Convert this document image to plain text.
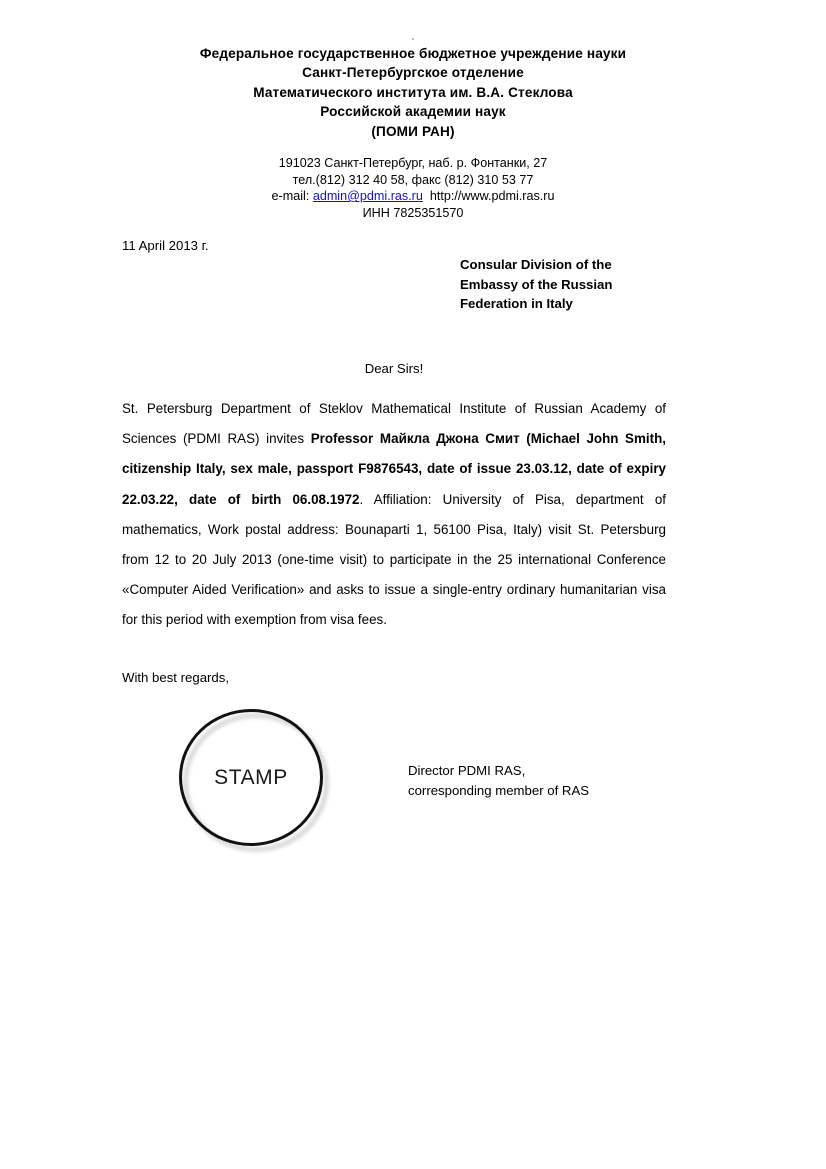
Федеральное государственное бюджетное учреждение науки
Санкт-Петербургское отделение
Математического института им. В.А. Стеклова
Российской академии наук
(ПОМИ РАН)
191023 Санкт-Петербург, наб. р. Фонтанки, 27
тел.(812) 312 40 58, факс (812) 310 53 77
e-mail: admin@pdmi.ras.ru http://www.pdmi.ras.ru
ИНН 7825351570
11 April 2013 г.
Consular Division of the
Embassy of the Russian
Federation in Italy
Dear Sirs!
St. Petersburg Department of Steklov Mathematical Institute of Russian Academy of Sciences (PDMI RAS) invites Professor Майкла Джона Смит (Michael John Smith, citizenship Italy, sex male, passport F9876543, date of issue 23.03.12, date of expiry 22.03.22, date of birth 06.08.1972. Affiliation: University of Pisa, department of mathematics, Work postal address: Bounaparti 1, 56100 Pisa, Italy) visit St. Petersburg from 12 to 20 July 2013 (one-time visit) to participate in the 25 international Conference «Computer Aided Verification» and asks to issue a single-entry ordinary humanitarian visa for this period with exemption from visa fees.
With best regards,
STAMP	Director PDMI RAS,
corresponding member of RAS
